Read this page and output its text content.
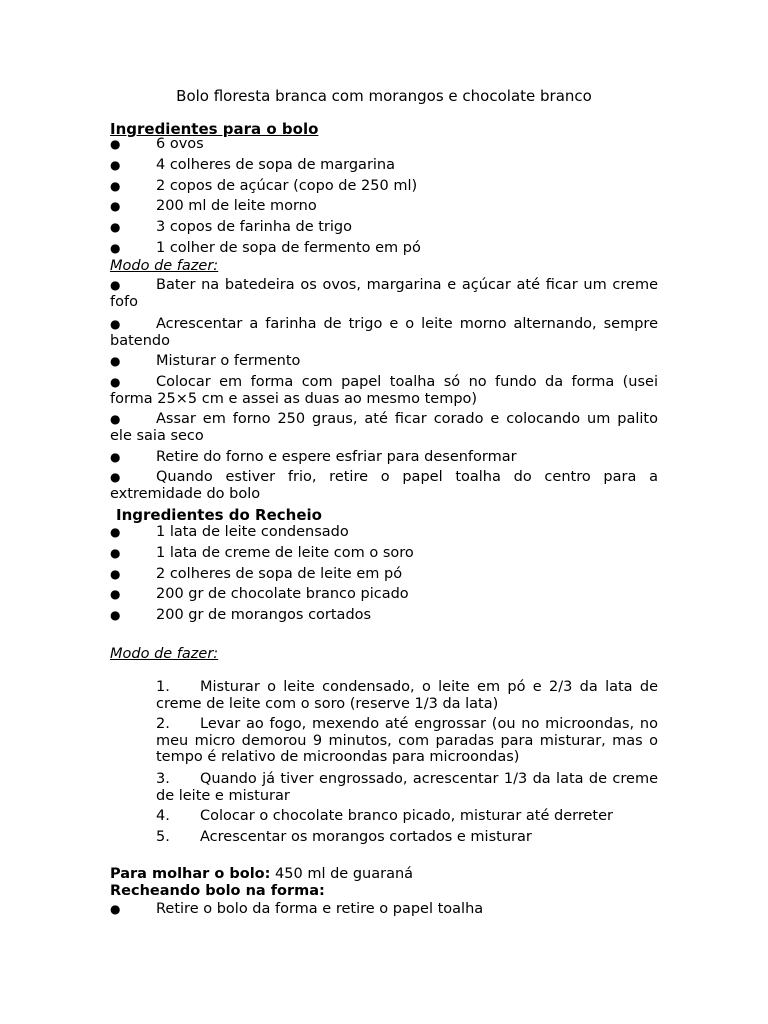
Bolo floresta branca com morangos e chocolate branco
Ingredientes para o bolo
●	6 ovos
●	4 colheres de sopa de margarina
●	2 copos de açúcar (copo de 250 ml)
●	200 ml de leite morno
●	3 copos de farinha de trigo
●	1 colher de sopa de fermento em pó
Modo de fazer:
●	Bater na batedeira os ovos, margarina e açúcar até ficar um creme fofo
●	Acrescentar a farinha de trigo e o leite morno alternando, sempre batendo
●	Misturar o fermento
●	Colocar em forma com papel toalha só no fundo da forma (usei forma 25×5 cm e assei as duas ao mesmo tempo)
●	Assar em forno 250 graus, até ficar corado e colocando um palito ele saia seco
●	Retire do forno e espere esfriar para desenformar
●	Quando estiver frio, retire o papel toalha do centro para a extremidade do bolo
Ingredientes do Recheio
●	1 lata de leite condensado
●	1 lata de creme de leite com o soro
●	2 colheres de sopa de leite em pó
●	200 gr de chocolate branco picado
●	200 gr de morangos cortados
Modo de fazer:
1. Misturar o leite condensado, o leite em pó e 2/3 da lata de creme de leite com o soro (reserve 1/3 da lata)
2. Levar ao fogo, mexendo até engrossar (ou no microondas, no meu micro demorou 9 minutos, com paradas para misturar, mas o tempo é relativo de microondas para microondas)
3. Quando já tiver engrossado, acrescentar 1/3 da lata de creme de leite e misturar
4. Colocar o chocolate branco picado, misturar até derreter
5. Acrescentar os morangos cortados e misturar
Para molhar o bolo: 450 ml de guaraná
Recheando bolo na forma:
●	Retire o bolo da forma e retire o papel toalha
